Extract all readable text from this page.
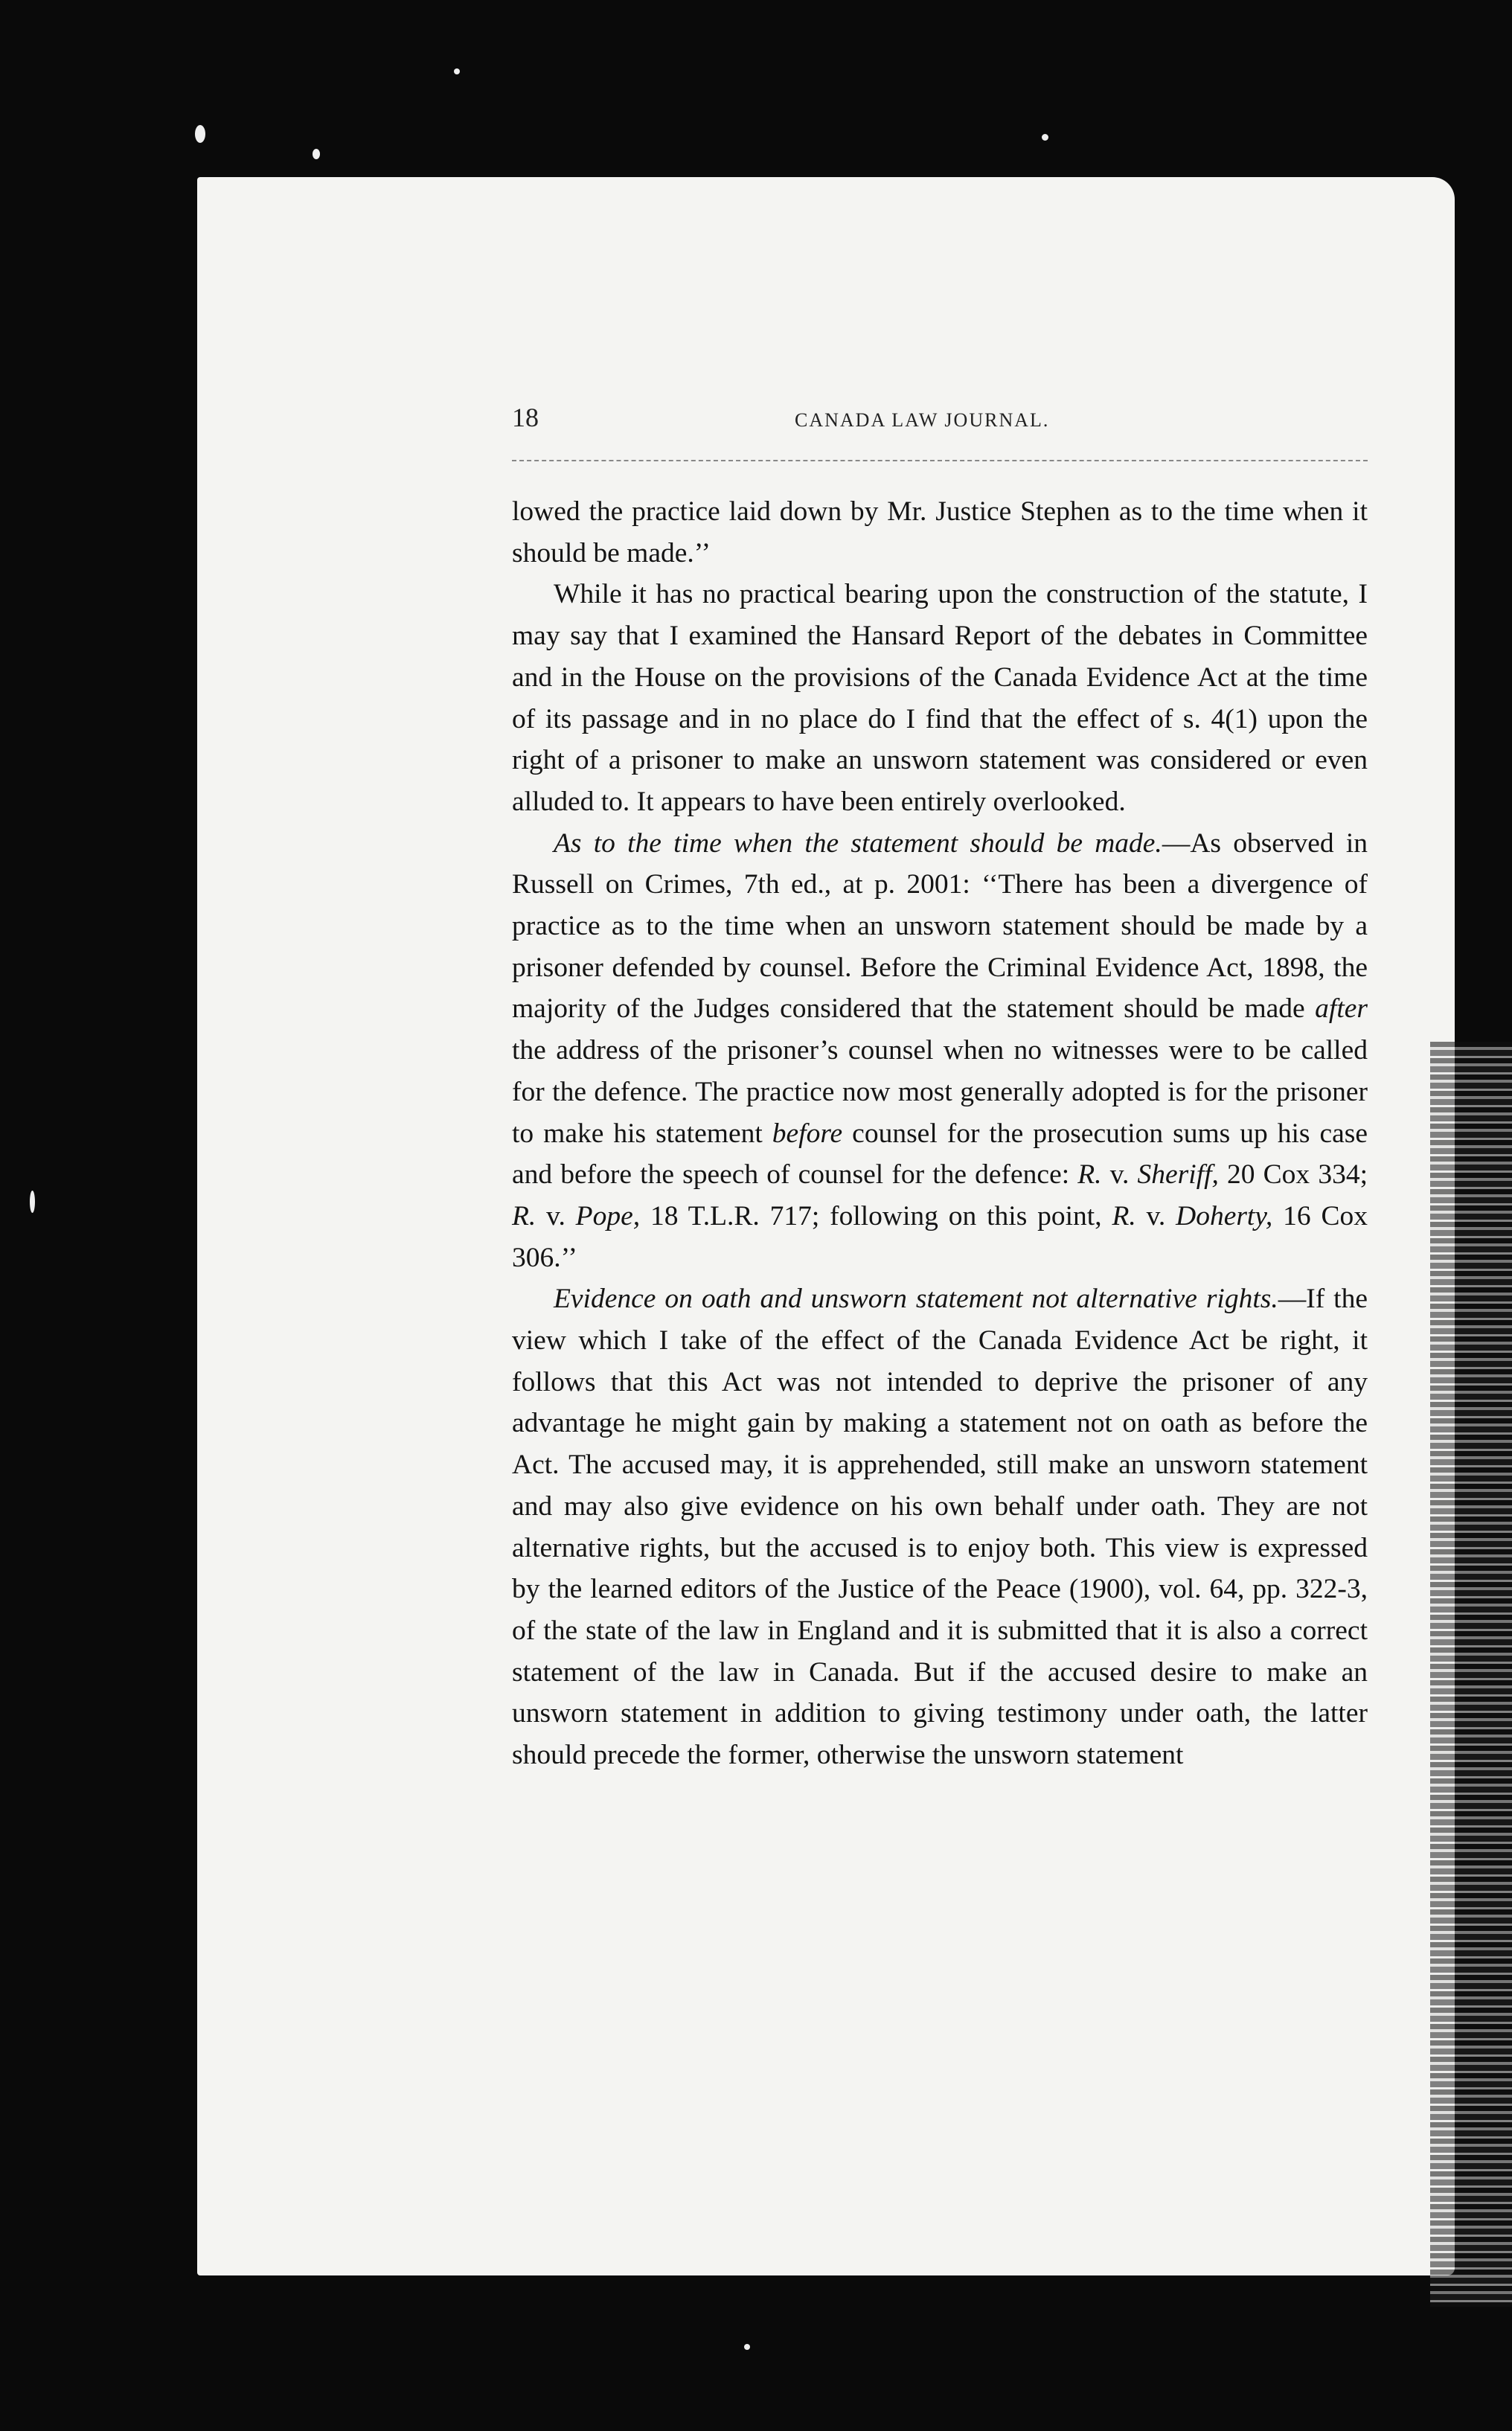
18	CANADA LAW JOURNAL.

lowed the practice laid down by Mr. Justice Stephen as to the time when it should be made.’’

While it has no practical bearing upon the construction of the statute, I may say that I examined the Hansard Report of the debates in Committee and in the House on the provisions of the Canada Evidence Act at the time of its passage and in no place do I find that the effect of s. 4(1) upon the right of a prisoner to make an unsworn statement was considered or even alluded to. It appears to have been entirely overlooked.

As to the time when the statement should be made.—As observed in Russell on Crimes, 7th ed., at p. 2001: ‘‘There has been a divergence of practice as to the time when an unsworn statement should be made by a prisoner defended by counsel. Before the Criminal Evidence Act, 1898, the majority of the Judges considered that the statement should be made after the address of the prisoner’s counsel when no witnesses were to be called for the defence. The practice now most generally adopted is for the prisoner to make his statement before counsel for the prosecution sums up his case and before the speech of counsel for the defence: R. v. Sheriff, 20 Cox 334; R. v. Pope, 18 T.L.R. 717; following on this point, R. v. Doherty, 16 Cox 306.’’

Evidence on oath and unsworn statement not alternative rights.—If the view which I take of the effect of the Canada Evidence Act be right, it follows that this Act was not intended to deprive the prisoner of any advantage he might gain by making a statement not on oath as before the Act. The accused may, it is apprehended, still make an unsworn statement and may also give evidence on his own behalf under oath. They are not alternative rights, but the accused is to enjoy both. This view is expressed by the learned editors of the Justice of the Peace (1900), vol. 64, pp. 322-3, of the state of the law in England and it is submitted that it is also a correct statement of the law in Canada. But if the accused desire to make an unsworn statement in addition to giving testimony under oath, the latter should precede the former, otherwise the unsworn statement
